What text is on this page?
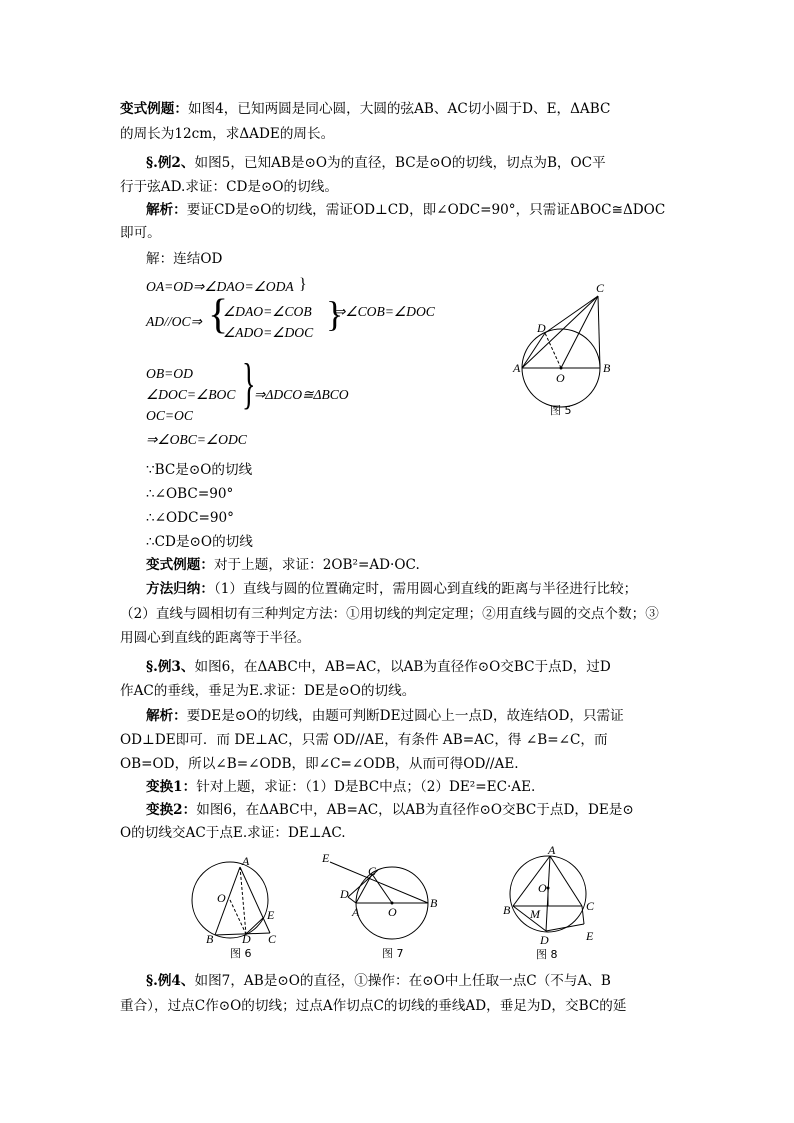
变式例题：如图4，已知两圆是同心圆，大圆的弦AB、AC切小圆于D、E，ΔABC
的周长为12cm，求ΔADE的周长。
§.例2、如图5，已知AB是⊙O为的直径，BC是⊙O的切线，切点为B，OC平
行于弦AD.求证：CD是⊙O的切线。
解析：要证CD是⊙O的切线，需证OD⊥CD，即∠ODC=90°，只需证ΔBOC≅ΔDOC
即可。
解：连结OD
OA=OD⇒∠DAO=∠ODA }
∠DAO=∠COB
AD//OC⇒ {	}
⇒∠COB=∠DOC
∠ADO=∠DOC
OB=OD
∠DOC=∠BOC }
⇒ΔDCO≅ΔBCO
OC=OC
⇒∠OBC=∠ODC
∵BC是⊙O的切线
∴∠OBC=90°
∴∠ODC=90°
∴CD是⊙O的切线
变式例题：对于上题，求证：2OB²=AD·OC.
方法归纳：（1）直线与圆的位置确定时，需用圆心到直线的距离与半径进行比较；
（2）直线与圆相切有三种判定方法：①用切线的判定定理；②用直线与圆的交点个数；③
用圆心到直线的距离等于半径。
§.例3、如图6，在ΔABC中，AB=AC，以AB为直径作⊙O交BC于点D，过D
作AC的垂线，垂足为E.求证：DE是⊙O的切线。
解析：要DE是⊙O的切线，由题可判断DE过圆心上一点D，故连结OD，只需证
OD⊥DE即可．而 DE⊥AC，只需 OD//AE，有条件 AB=AC，得 ∠B=∠C，而
OB=OD，所以∠B=∠ODB，即∠C=∠ODB，从而可得OD//AE.
变换1：针对上题，求证：（1）D是BC中点；（2）DE²=EC·AE.
变换2：如图6，在ΔABC中，AB=AC，以AB为直径作⊙O交BC于点D，DE是⊙
O的切线交AC于点E.求证：DE⊥AC.
§.例4、如图7，AB是⊙O的直径，①操作：在⊙O中上任取一点C（不与A、B
重合），过点C作⊙O的切线；过点A作切点C的切线的垂线AD，垂足为D，交BC的延
C
D
A
O
B
图 5
A
O
E
B D C
图 6
E
C
D
A O
B
图 7
A
O
B M
C
D	E
图 8
